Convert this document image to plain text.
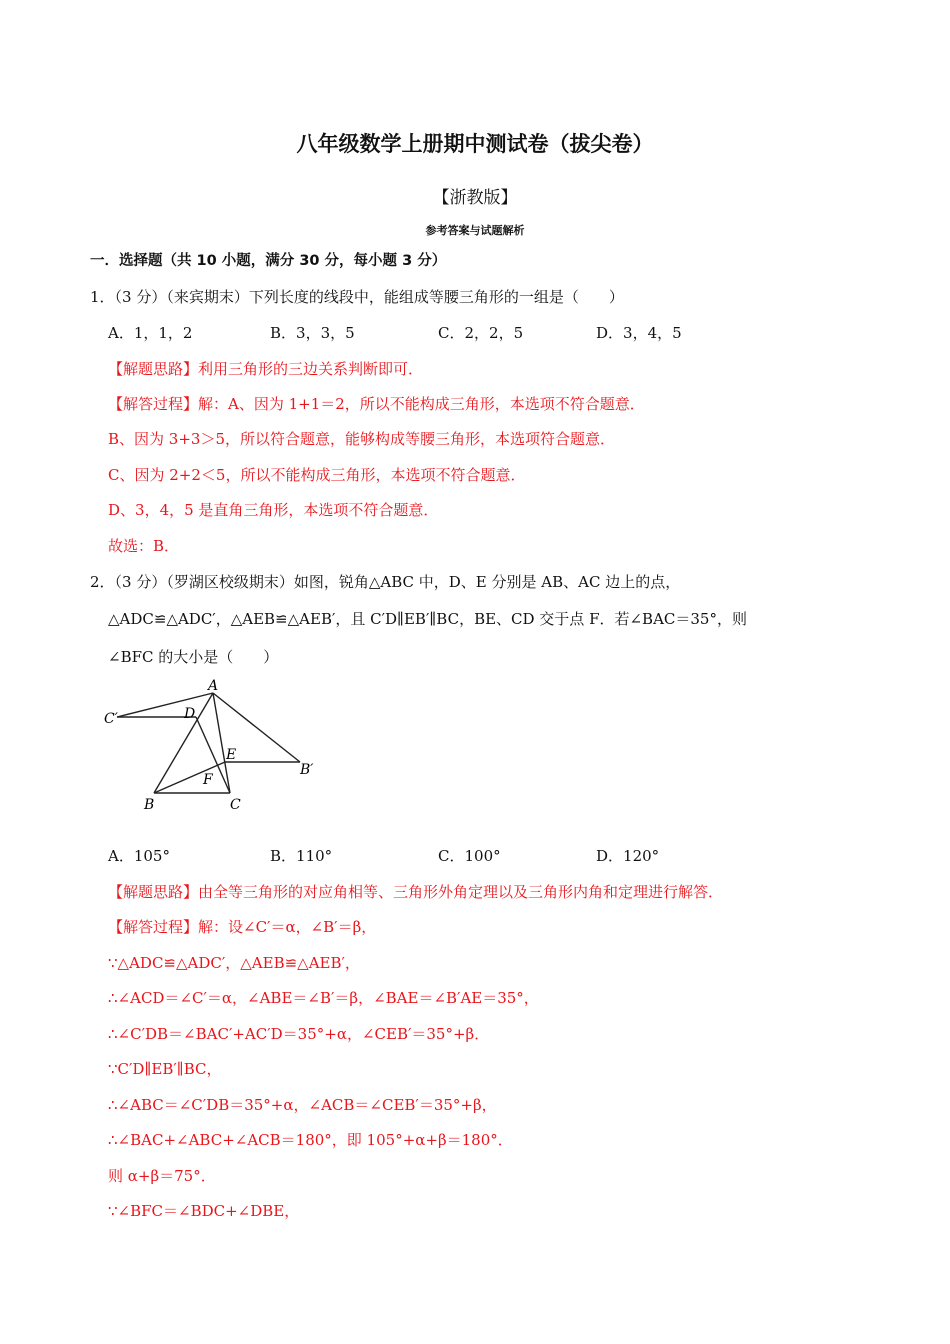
八年级数学上册期中测试卷（拔尖卷）
【浙教版】
参考答案与试题解析
一．选择题（共 10 小题，满分 30 分，每小题 3 分）
1．（3 分）（来宾期末）下列长度的线段中，能组成等腰三角形的一组是（　　）
A．1，1，2	B．3，3，5	C．2，2，5	D．3，4，5
【解题思路】利用三角形的三边关系判断即可．
【解答过程】解：A、因为 1+1＝2，所以不能构成三角形，本选项不符合题意．
B、因为 3+3＞5，所以符合题意，能够构成等腰三角形，本选项符合题意．
C、因为 2+2＜5，所以不能构成三角形，本选项不符合题意．
D、3，4，5 是直角三角形，本选项不符合题意．
故选：B．
2．（3 分）（罗湖区校级期末）如图，锐角△ABC 中，D、E 分别是 AB、AC 边上的点，
△ADC≌△ADC′，△AEB≌△AEB′，且 C′D∥EB′∥BC，BE、CD 交于点 F．若∠BAC＝35°，则
∠BFC 的大小是（　　）
A
C′	D
E
B′
F
B	C
A．105°	B．110°	C．100°	D．120°
【解题思路】由全等三角形的对应角相等、三角形外角定理以及三角形内角和定理进行解答．
【解答过程】解：设∠C′＝α，∠B′＝β，
∵△ADC≌△ADC′，△AEB≌△AEB′，
∴∠ACD＝∠C′＝α，∠ABE＝∠B′＝β，∠BAE＝∠B′AE＝35°，
∴∠C′DB＝∠BAC′+AC′D＝35°+α，∠CEB′＝35°+β．
∵C′D∥EB′∥BC，
∴∠ABC＝∠C′DB＝35°+α，∠ACB＝∠CEB′＝35°+β，
∴∠BAC+∠ABC+∠ACB＝180°，即 105°+α+β＝180°．
则 α+β＝75°．
∵∠BFC＝∠BDC+∠DBE，
